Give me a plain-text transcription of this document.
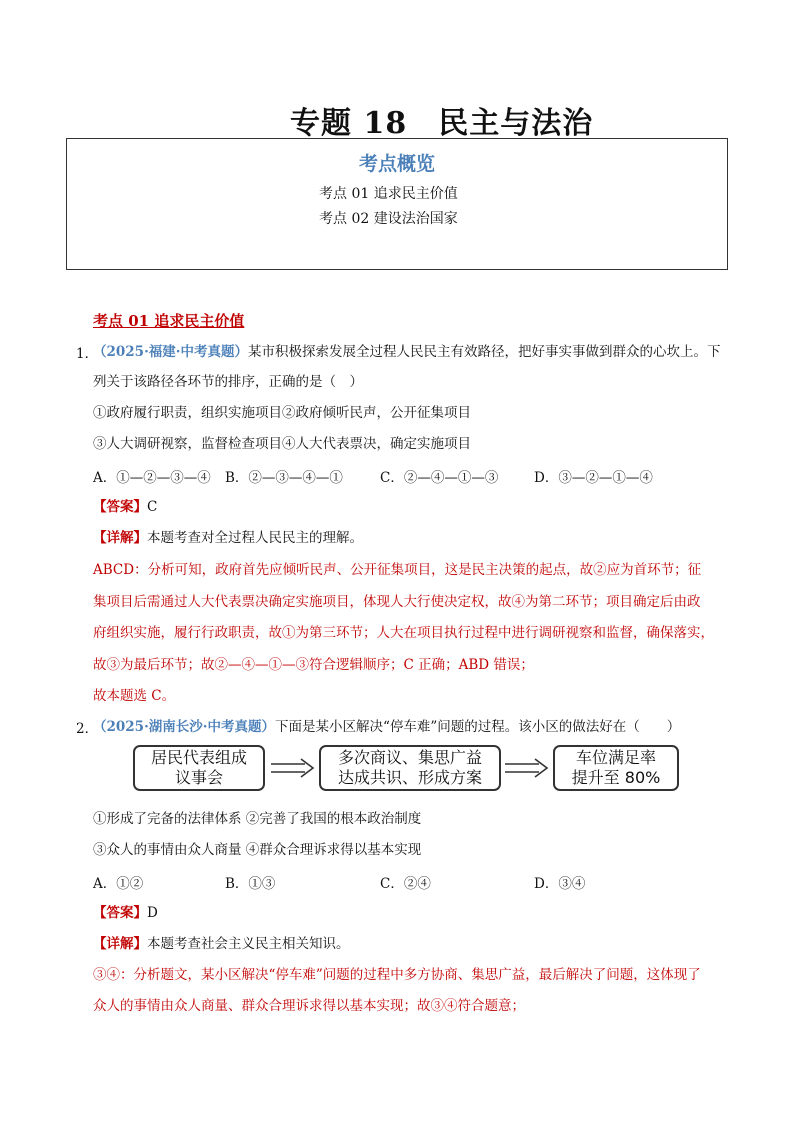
专题 18　民主与法治
考点概览
考点 01 追求民主价值
考点 02 建设法治国家
考点 01 追求民主价值
1．
（2025·福建·中考真题）某市积极探索发展全过程人民民主有效路径，把好事实事做到群众的心坎上。下
列关于该路径各环节的排序，正确的是（　）
①政府履行职责，组织实施项目②政府倾听民声，公开征集项目
③人大调研视察，监督检查项目④人大代表票决，确定实施项目
A．①—②—③—④ B．②—③—④—①	C．②—④—①—③	D．③—②—①—④
【答案】C
【详解】本题考查对全过程人民民主的理解。
ABCD：分析可知，政府首先应倾听民声、公开征集项目，这是民主决策的起点，故②应为首环节；征
集项目后需通过人大代表票决确定实施项目，体现人大行使决定权，故④为第二环节；项目确定后由政
府组织实施，履行行政职责，故①为第三环节；人大在项目执行过程中进行调研视察和监督，确保落实，
故③为最后环节；故②—④—①—③符合逻辑顺序；C 正确；ABD 错误；
故本题选 C。
2．
（2025·湖南长沙·中考真题）下面是某小区解决“停车难”问题的过程。该小区的做法好在（　　）
居民代表组成
议事会
多次商议、集思广益
达成共识、形成方案
车位满足率
提升至 80%
①形成了完备的法律体系 ②完善了我国的根本政治制度
③众人的事情由众人商量 ④群众合理诉求得以基本实现
A．①②	B．①③	C．②④	D．③④
【答案】D
【详解】本题考查社会主义民主相关知识。
③④：分析题文，某小区解决“停车难”问题的过程中多方协商、集思广益，最后解决了问题，这体现了
众人的事情由众人商量、群众合理诉求得以基本实现；故③④符合题意；
